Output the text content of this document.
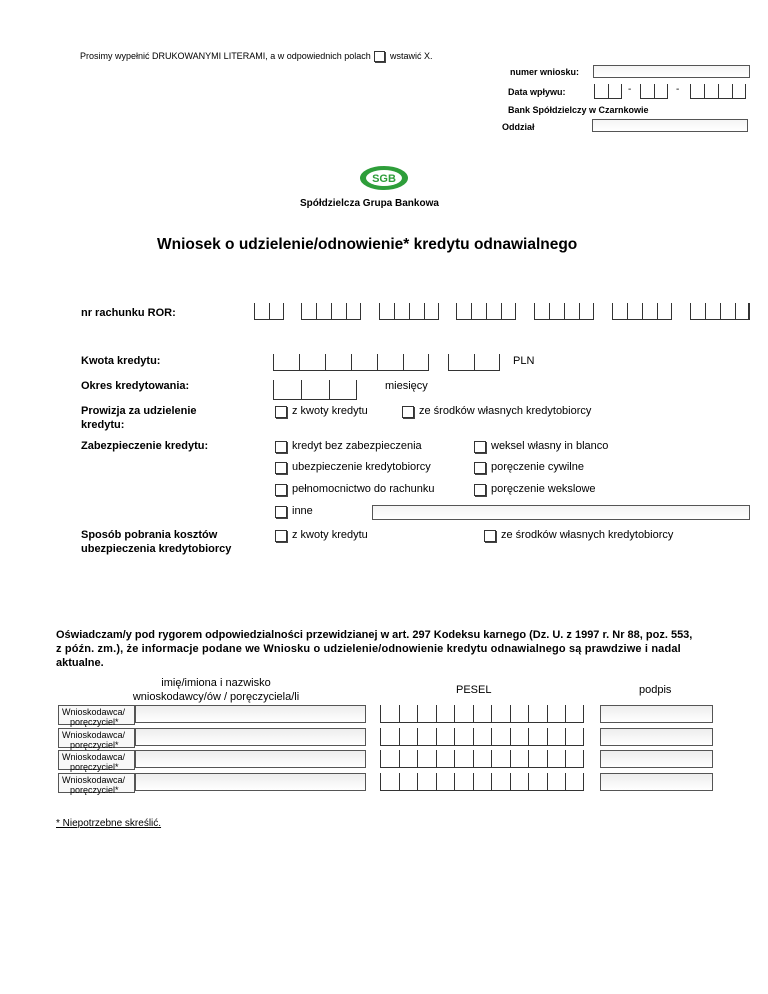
Prosimy wypełnić DRUKOWANYMI LITERAMI, a w odpowiednich polach wstawić X.
numer wniosku:
Data wpływu:	-	-
Bank Spółdzielczy w Czarnkowie
Oddział
SGB
Spółdzielcza Grupa Bankowa
Wniosek o udzielenie/odnowienie* kredytu odnawialnego
nr rachunku ROR:
Kwota kredytu:	PLN
Okres kredytowania:	miesięcy
Prowizja za udzielenie
kredytu:
z kwoty kredytu	ze środków własnych kredytobiorcy
Zabezpieczenie kredytu:	kredyt bez zabezpieczenia	weksel własny in blanco
ubezpieczenie kredytobiorcy	poręczenie cywilne
pełnomocnictwo do rachunku	poręczenie wekslowe
inne
Sposób pobrania kosztów
ubezpieczenia kredytobiorcy
z kwoty kredytu	ze środków własnych kredytobiorcy
Oświadczam/y pod rygorem odpowiedzialności przewidzianej w art. 297 Kodeksu karnego (Dz. U. z 1997 r. Nr 88, poz. 553,
z późn. zm.), że informacje podane we Wniosku o udzielenie/odnowienie kredytu odnawialnego są prawdziwe i nadal
aktualne.
imię/imiona i nazwisko
wnioskodawcy/ów / poręczyciela/li
PESEL	podpis
Wnioskodawca/
poręczyciel*
Wnioskodawca/
poręczyciel*
Wnioskodawca/
poręczyciel*
Wnioskodawca/
poręczyciel*
* Niepotrzebne skreślić.
